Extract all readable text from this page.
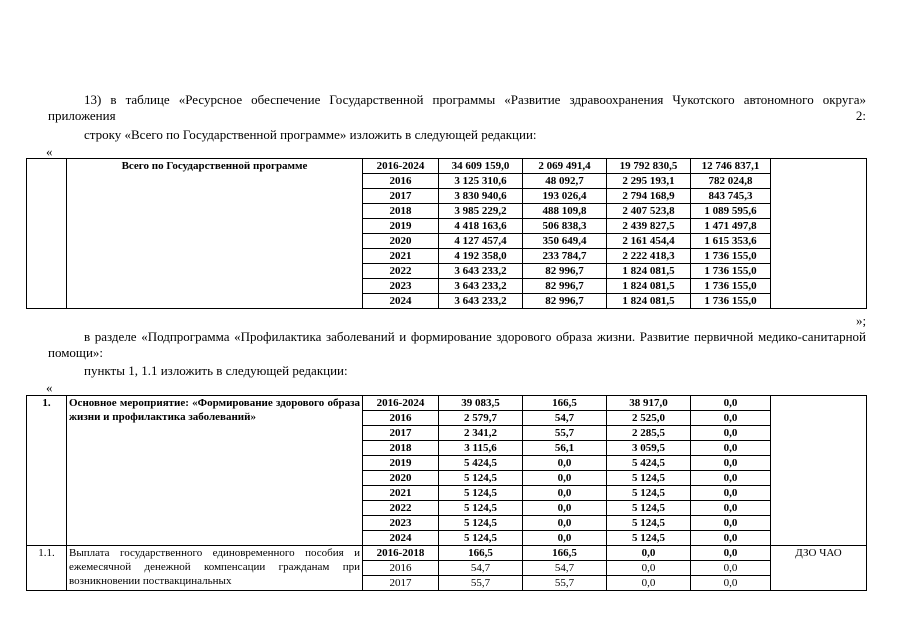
13) в таблице «Ресурсное обеспечение Государственной программы «Развитие здравоохранения Чукотского автономного округа» приложения 2:

строку «Всего по Государственной программе» изложить в следующей редакции:

«
	Всего по Государственной программе	2016-2024	34 609 159,0	2 069 491,4	19 792 830,5	12 746 837,1	
		2016	3 125 310,6	48 092,7	2 295 193,1	782 024,8	
		2017	3 830 940,6	193 026,4	2 794 168,9	843 745,3	
		2018	3 985 229,2	488 109,8	2 407 523,8	1 089 595,6	
		2019	4 418 163,6	506 838,3	2 439 827,5	1 471 497,8	
		2020	4 127 457,4	350 649,4	2 161 454,4	1 615 353,6	
		2021	4 192 358,0	233 784,7	2 222 418,3	1 736 155,0	
		2022	3 643 233,2	82 996,7	1 824 081,5	1 736 155,0	
		2023	3 643 233,2	82 996,7	1 824 081,5	1 736 155,0	
		2024	3 643 233,2	82 996,7	1 824 081,5	1 736 155,0	
»;

в разделе «Подпрограмма «Профилактика заболеваний и формирование здорового образа жизни. Развитие первичной медико-санитарной помощи»:

пункты 1, 1.1 изложить в следующей редакции:

«
1.	Основное мероприятие: «Формирование здорового образа жизни и профилактика заболеваний»	2016-2024	39 083,5	166,5	38 917,0	0,0	
		2016	2 579,7	54,7	2 525,0	0,0	
		2017	2 341,2	55,7	2 285,5	0,0	
		2018	3 115,6	56,1	3 059,5	0,0	
		2019	5 424,5	0,0	5 424,5	0,0	
		2020	5 124,5	0,0	5 124,5	0,0	
		2021	5 124,5	0,0	5 124,5	0,0	
		2022	5 124,5	0,0	5 124,5	0,0	
		2023	5 124,5	0,0	5 124,5	0,0	
		2024	5 124,5	0,0	5 124,5	0,0	
1.1.	Выплата государственного единовременного пособия и ежемесячной денежной компенсации гражданам при возникновении поствакцинальных	2016-2018	166,5	166,5	0,0	0,0	ДЗО ЧАО
		2016	54,7	54,7	0,0	0,0	
		2017	55,7	55,7	0,0	0,0	
